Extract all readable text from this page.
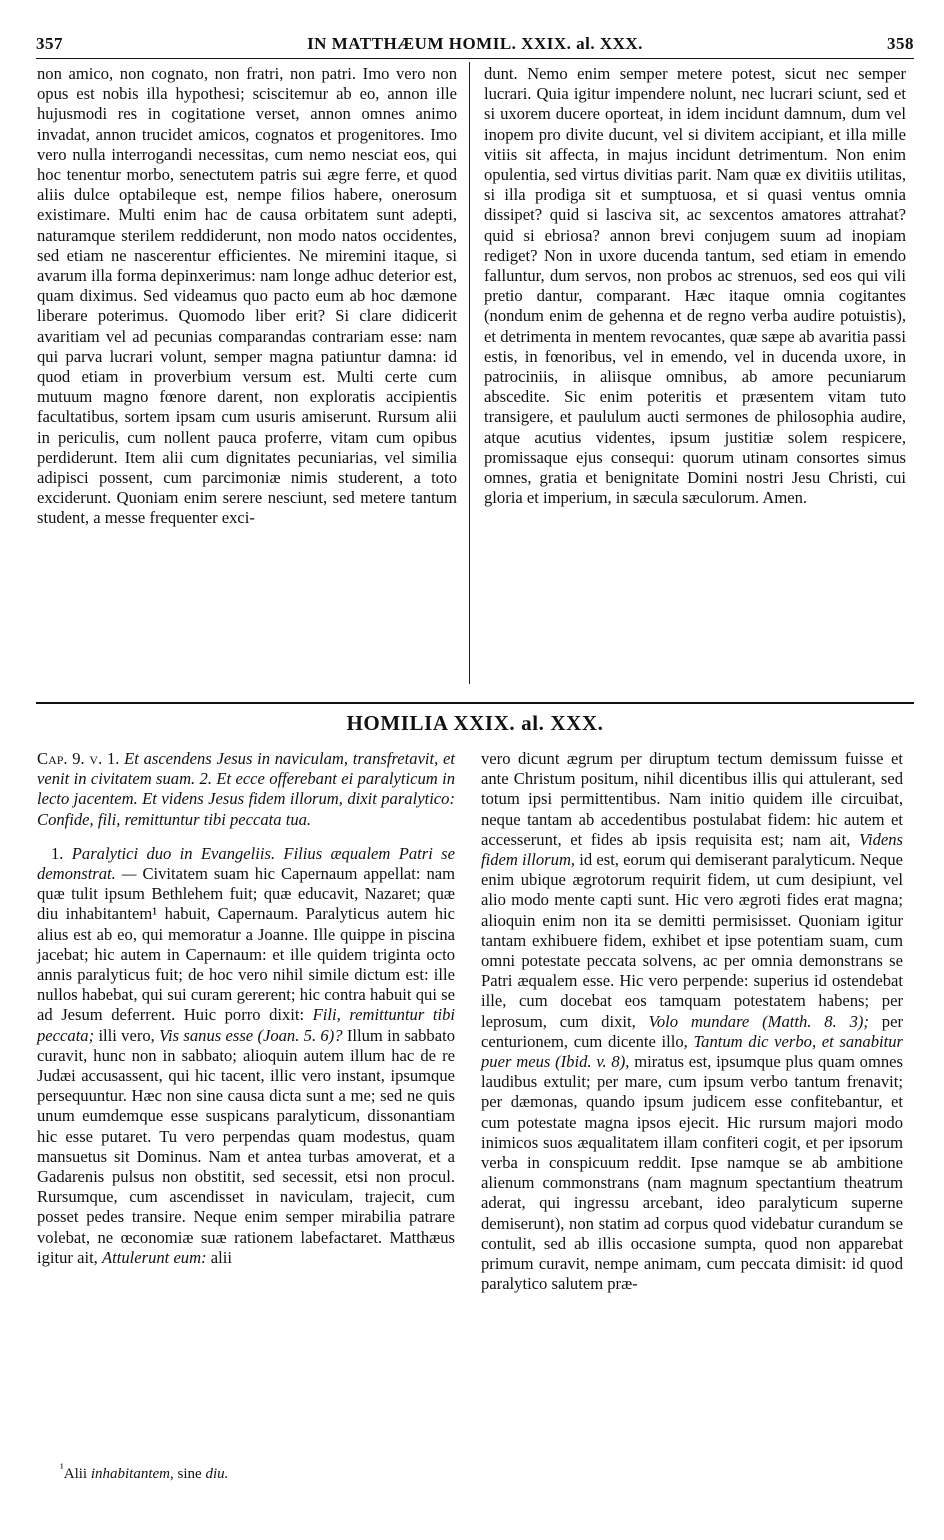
357	IN MATTHÆUM HOMIL. XXIX. al. XXX.	358

non amico, non cognato, non fratri, non patri. Imo vero non opus est nobis illa hypothesi; sciscitemur ab eo, annon ille hujusmodi res in cogitatione verset, annon omnes animo invadat, annon trucidet amicos, cognatos et progenitores. Imo vero nulla interrogandi necessitas, cum nemo nesciat eos, qui hoc tenentur morbo, senectutem patris sui ægre ferre, et quod aliis dulce optabileque est, nempe filios habere, onerosum existimare. Multi enim hac de causa orbitatem sunt adepti, naturamque sterilem reddiderunt, non modo natos occidentes, sed etiam ne nascerentur efficientes. Ne miremini itaque, si avarum illa forma depinxerimus: nam longe adhuc deterior est, quam diximus. Sed videamus quo pacto eum ab hoc dæmone liberare poterimus. Quomodo liber erit? Si clare didicerit avaritiam vel ad pecunias comparandas contrariam esse: nam qui parva lucrari volunt, semper magna patiuntur damna: id quod etiam in proverbium versum est. Multi certe cum mutuum magno fœnore darent, non exploratis accipientis facultatibus, sortem ipsam cum usuris amiserunt. Rursum alii in periculis, cum nollent pauca proferre, vitam cum opibus perdiderunt. Item alii cum dignitates pecuniarias, vel similia adipisci possent, cum parcimoniæ nimis studerent, a toto exciderunt. Quoniam enim serere nesciunt, sed metere tantum student, a messe frequenter exci-

dunt. Nemo enim semper metere potest, sicut nec semper lucrari. Quia igitur impendere nolunt, nec lucrari sciunt, sed et si uxorem ducere oporteat, in idem incidunt damnum, dum vel inopem pro divite ducunt, vel si divitem accipiant, et illa mille vitiis sit affecta, in majus incidunt detrimentum. Non enim opulentia, sed virtus divitias parit. Nam quæ ex divitiis utilitas, si illa prodiga sit et sumptuosa, et si quasi ventus omnia dissipet? quid si lasciva sit, ac sexcentos amatores attrahat? quid si ebriosa? annon brevi conjugem suum ad inopiam rediget? Non in uxore ducenda tantum, sed etiam in emendo falluntur, dum servos, non probos ac strenuos, sed eos qui vili pretio dantur, comparant. Hæc itaque omnia cogitantes (nondum enim de gehenna et de regno verba audire potuistis), et detrimenta in mentem revocantes, quæ sæpe ab avaritia passi estis, in fœnoribus, vel in emendo, vel in ducenda uxore, in patrociniis, in aliisque omnibus, ab amore pecuniarum abscedite. Sic enim poteritis et præsentem vitam tuto transigere, et paululum aucti sermones de philosophia audire, atque acutius videntes, ipsum justitiæ solem respicere, promissaque ejus consequi: quorum utinam consortes simus omnes, gratia et benignitate Domini nostri Jesu Christi, cui gloria et imperium, in sæcula sæculorum. Amen.

HOMILIA XXIX. al. XXX.

Cap. 9. v. 1. Et ascendens Jesus in naviculam, transfretavit, et venit in civitatem suam. 2. Et ecce offerebant ei paralyticum in lecto jacentem. Et videns Jesus fidem illorum, dixit paralytico: Confide, fili, remittuntur tibi peccata tua.

1. Paralytici duo in Evangeliis. Filius æqualem Patri se demonstrat. — Civitatem suam hic Capernaum appellat: nam quæ tulit ipsum Bethlehem fuit; quæ educavit, Nazaret; quæ diu inhabitantem¹ habuit, Capernaum. Paralyticus autem hic alius est ab eo, qui memoratur a Joanne. Ille quippe in piscina jacebat; hic autem in Capernaum: et ille quidem triginta octo annis paralyticus fuit; de hoc vero nihil simile dictum est: ille nullos habebat, qui sui curam gererent; hic contra habuit qui se ad Jesum deferrent. Huic porro dixit: Fili, remittuntur tibi peccata; illi vero, Vis sanus esse (Joan. 5. 6)? Illum in sabbato curavit, hunc non in sabbato; alioquin autem illum hac de re Judæi accusassent, qui hic tacent, illic vero instant, ipsumque persequuntur. Hæc non sine causa dicta sunt a me; sed ne quis unum eumdemque esse suspicans paralyticum, dissonantiam hic esse putaret. Tu vero perpendas quam modestus, quam mansuetus sit Dominus. Nam et antea turbas amoverat, et a Gadarenis pulsus non obstitit, sed secessit, etsi non procul. Rursumque, cum ascendisset in naviculam, trajecit, cum posset pedes transire. Neque enim semper mirabilia patrare volebat, ne œconomiæ suæ rationem labefactaret. Matthæus igitur ait, Attulerunt eum: alii

vero dicunt ægrum per diruptum tectum demissum fuisse et ante Christum positum, nihil dicentibus illis qui attulerant, sed totum ipsi permittentibus. Nam initio quidem ille circuibat, neque tantam ab accedentibus postulabat fidem: hic autem et accesserunt, et fides ab ipsis requisita est; nam ait, Videns fidem illorum, id est, eorum qui demiserant paralyticum. Neque enim ubique ægrotorum requirit fidem, ut cum desipiunt, vel alio modo mente capti sunt. Hic vero ægroti fides erat magna; alioquin enim non ita se demitti permisisset. Quoniam igitur tantam exhibuere fidem, exhibet et ipse potentiam suam, cum omni potestate peccata solvens, ac per omnia demonstrans se Patri æqualem esse. Hic vero perpende: superius id ostendebat ille, cum docebat eos tamquam potestatem habens; per leprosum, cum dixit, Volo mundare (Matth. 8. 3); per centurionem, cum dicente illo, Tantum dic verbo, et sanabitur puer meus (Ibid. v. 8), miratus est, ipsumque plus quam omnes laudibus extulit; per mare, cum ipsum verbo tantum frenavit; per dæmonas, quando ipsum judicem esse confitebantur, et cum potestate magna ipsos ejecit. Hic rursum majori modo inimicos suos æqualitatem illam confiteri cogit, et per ipsorum verba in conspicuum reddit. Ipse namque se ab ambitione alienum commonstrans (nam magnum spectantium theatrum aderat, qui ingressu arcebant, ideo paralyticum superne demiserunt), non statim ad corpus quod videbatur curandum se contulit, sed ab illis occasione sumpta, quod non apparebat primum curavit, nempe animam, cum peccata dimisit: id quod paralytico salutem præ-

$^{^1}$Alii inhabitantem, sine diu.
